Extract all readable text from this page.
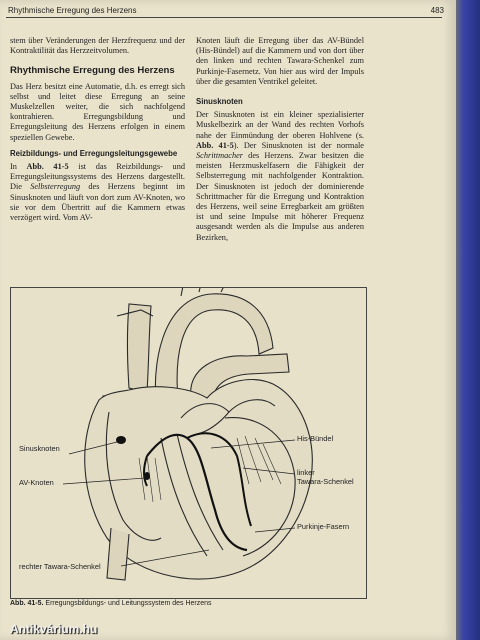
Rhythmische Erregung des Herzens	483

stem über Veränderungen der Herzfrequenz und der Kontraktilität das Herzzeitvolumen.

Rhythmische Erregung des Herzens

Das Herz besitzt eine Automatie, d.h. es erregt sich selbst und leitet diese Erregung an seine Muskelzellen weiter, die sich nachfolgend kontrahieren. Erregungsbildung und Erregungsleitung des Herzens erfolgen in einem speziellen Gewebe.

Reizbildungs- und Erregungsleitungsgewebe

In Abb. 41-5 ist das Reizbildungs- und Erregungsleitungssystems des Herzens dargestellt. Die Selbsterregung des Herzens beginnt im Sinusknoten und läuft von dort zum AV-Knoten, wo sie vor dem Übertritt auf die Kammern etwas verzögert wird. Vom AV-

Knoten läuft die Erregung über das AV-Bündel (His-Bündel) auf die Kammern und von dort über den linken und rechten Tawara-Schenkel zum Purkinje-Fasernetz. Von hier aus wird der Impuls über die gesamten Ventrikel geleitet.

Sinusknoten

Der Sinusknoten ist ein kleiner spezialisierter Muskelbezirk an der Wand des rechten Vorhofs nahe der Einmündung der oberen Hohlvene (s. Abb. 41-5). Der Sinusknoten ist der normale Schrittmacher des Herzens. Zwar besitzen die meisten Herzmuskelfasern die Fähigkeit der Selbsterregung mit nachfolgender Kontraktion. Der Sinusknoten ist jedoch der dominierende Schrittmacher für die Erregung und Kontraktion des Herzens, weil seine Erregbarkeit am größten ist und seine Impulse mit höherer Frequenz ausgesandt werden als die Impulse aus anderen Bezirken,

Sinusknoten
AV-Knoten
His-Bündel
linker
Tawara-Schenkel
Purkinje-Fasern
rechter Tawara-Schenkel
Abb. 41-5. Erregungsbildungs- und Leitungssystem des Herzens
Antikvárium.hu
